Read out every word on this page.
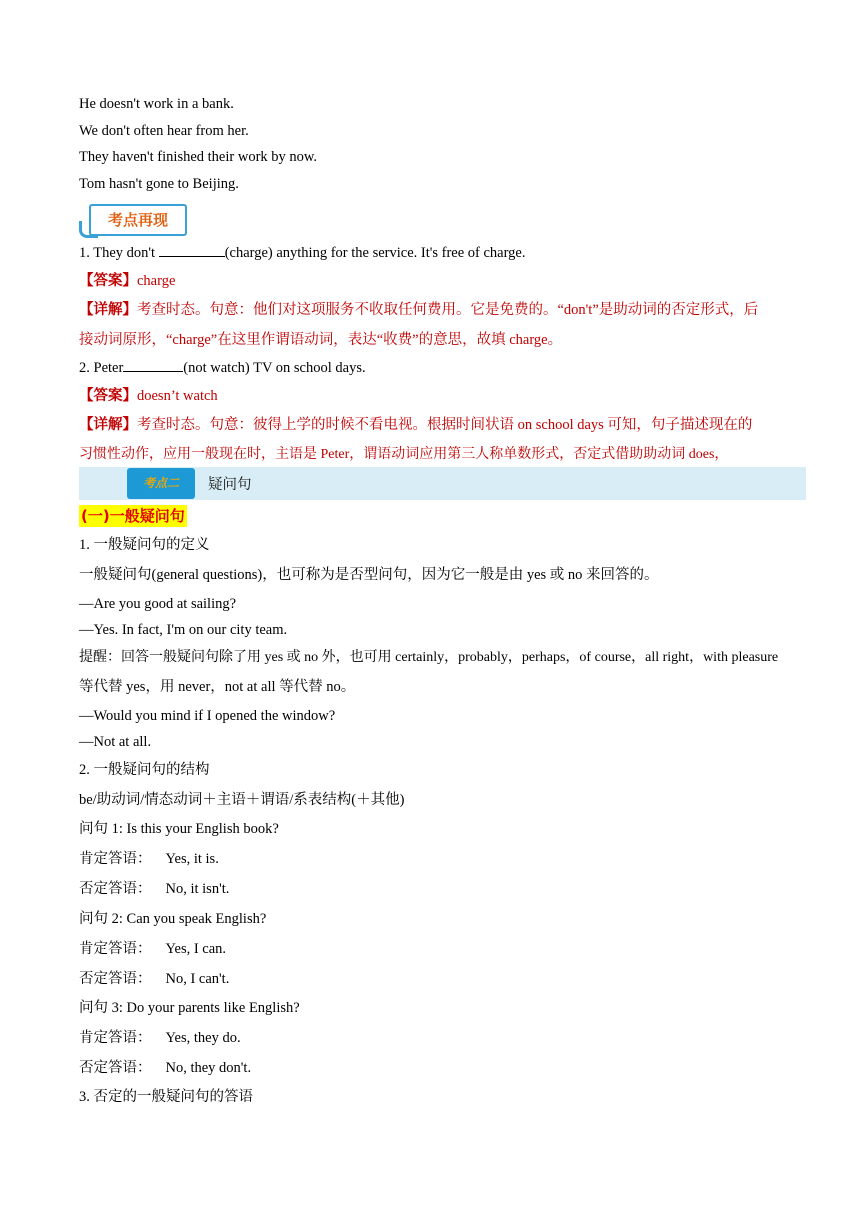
He doesn't work in a bank.
We don't often hear from her.
They haven't finished their work by now.
Tom hasn't gone to Beijing.
考点再现
1. They don't	(charge) anything for the service. It's free of charge.
【答案】charge
【详解】考查时态。句意：他们对这项服务不收取任何费用。它是免费的。“don't”是助动词的否定形式，后
接动词原形，“charge”在这里作谓语动词，表达“收费”的意思，故填 charge。
2. Peter	(not watch) TV on school days.
【答案】doesn’t watch
【详解】考查时态。句意：彼得上学的时候不看电视。根据时间状语 on school days 可知，句子描述现在的
习惯性动作，应用一般现在时，主语是 Peter，谓语动词应用第三人称单数形式，否定式借助助动词 does，
考点二	疑问句
(一)一般疑问句
1. 一般疑问句的定义
一般疑问句(general questions)，也可称为是否型问句，因为它一般是由 yes 或 no 来回答的。
—Are you good at sailing?
—Yes. In fact, I'm on our city team.
提醒：回答一般疑问句除了用 yes 或 no 外，也可用 certainly，probably，perhaps，of course，all right，with pleasure
等代替 yes，用 never，not at all 等代替 no。
—Would you mind if I opened the window?
—Not at all.
2. 一般疑问句的结构
be/助动词/情态动词＋主语＋谓语/系表结构(＋其他)
问句 1: Is this your English book?
肯定答语： Yes, it is.
否定答语： No, it isn't.
问句 2: Can you speak English?
肯定答语： Yes, I can.
否定答语： No, I can't.
问句 3: Do your parents like English?
肯定答语： Yes, they do.
否定答语： No, they don't.
3. 否定的一般疑问句的答语
